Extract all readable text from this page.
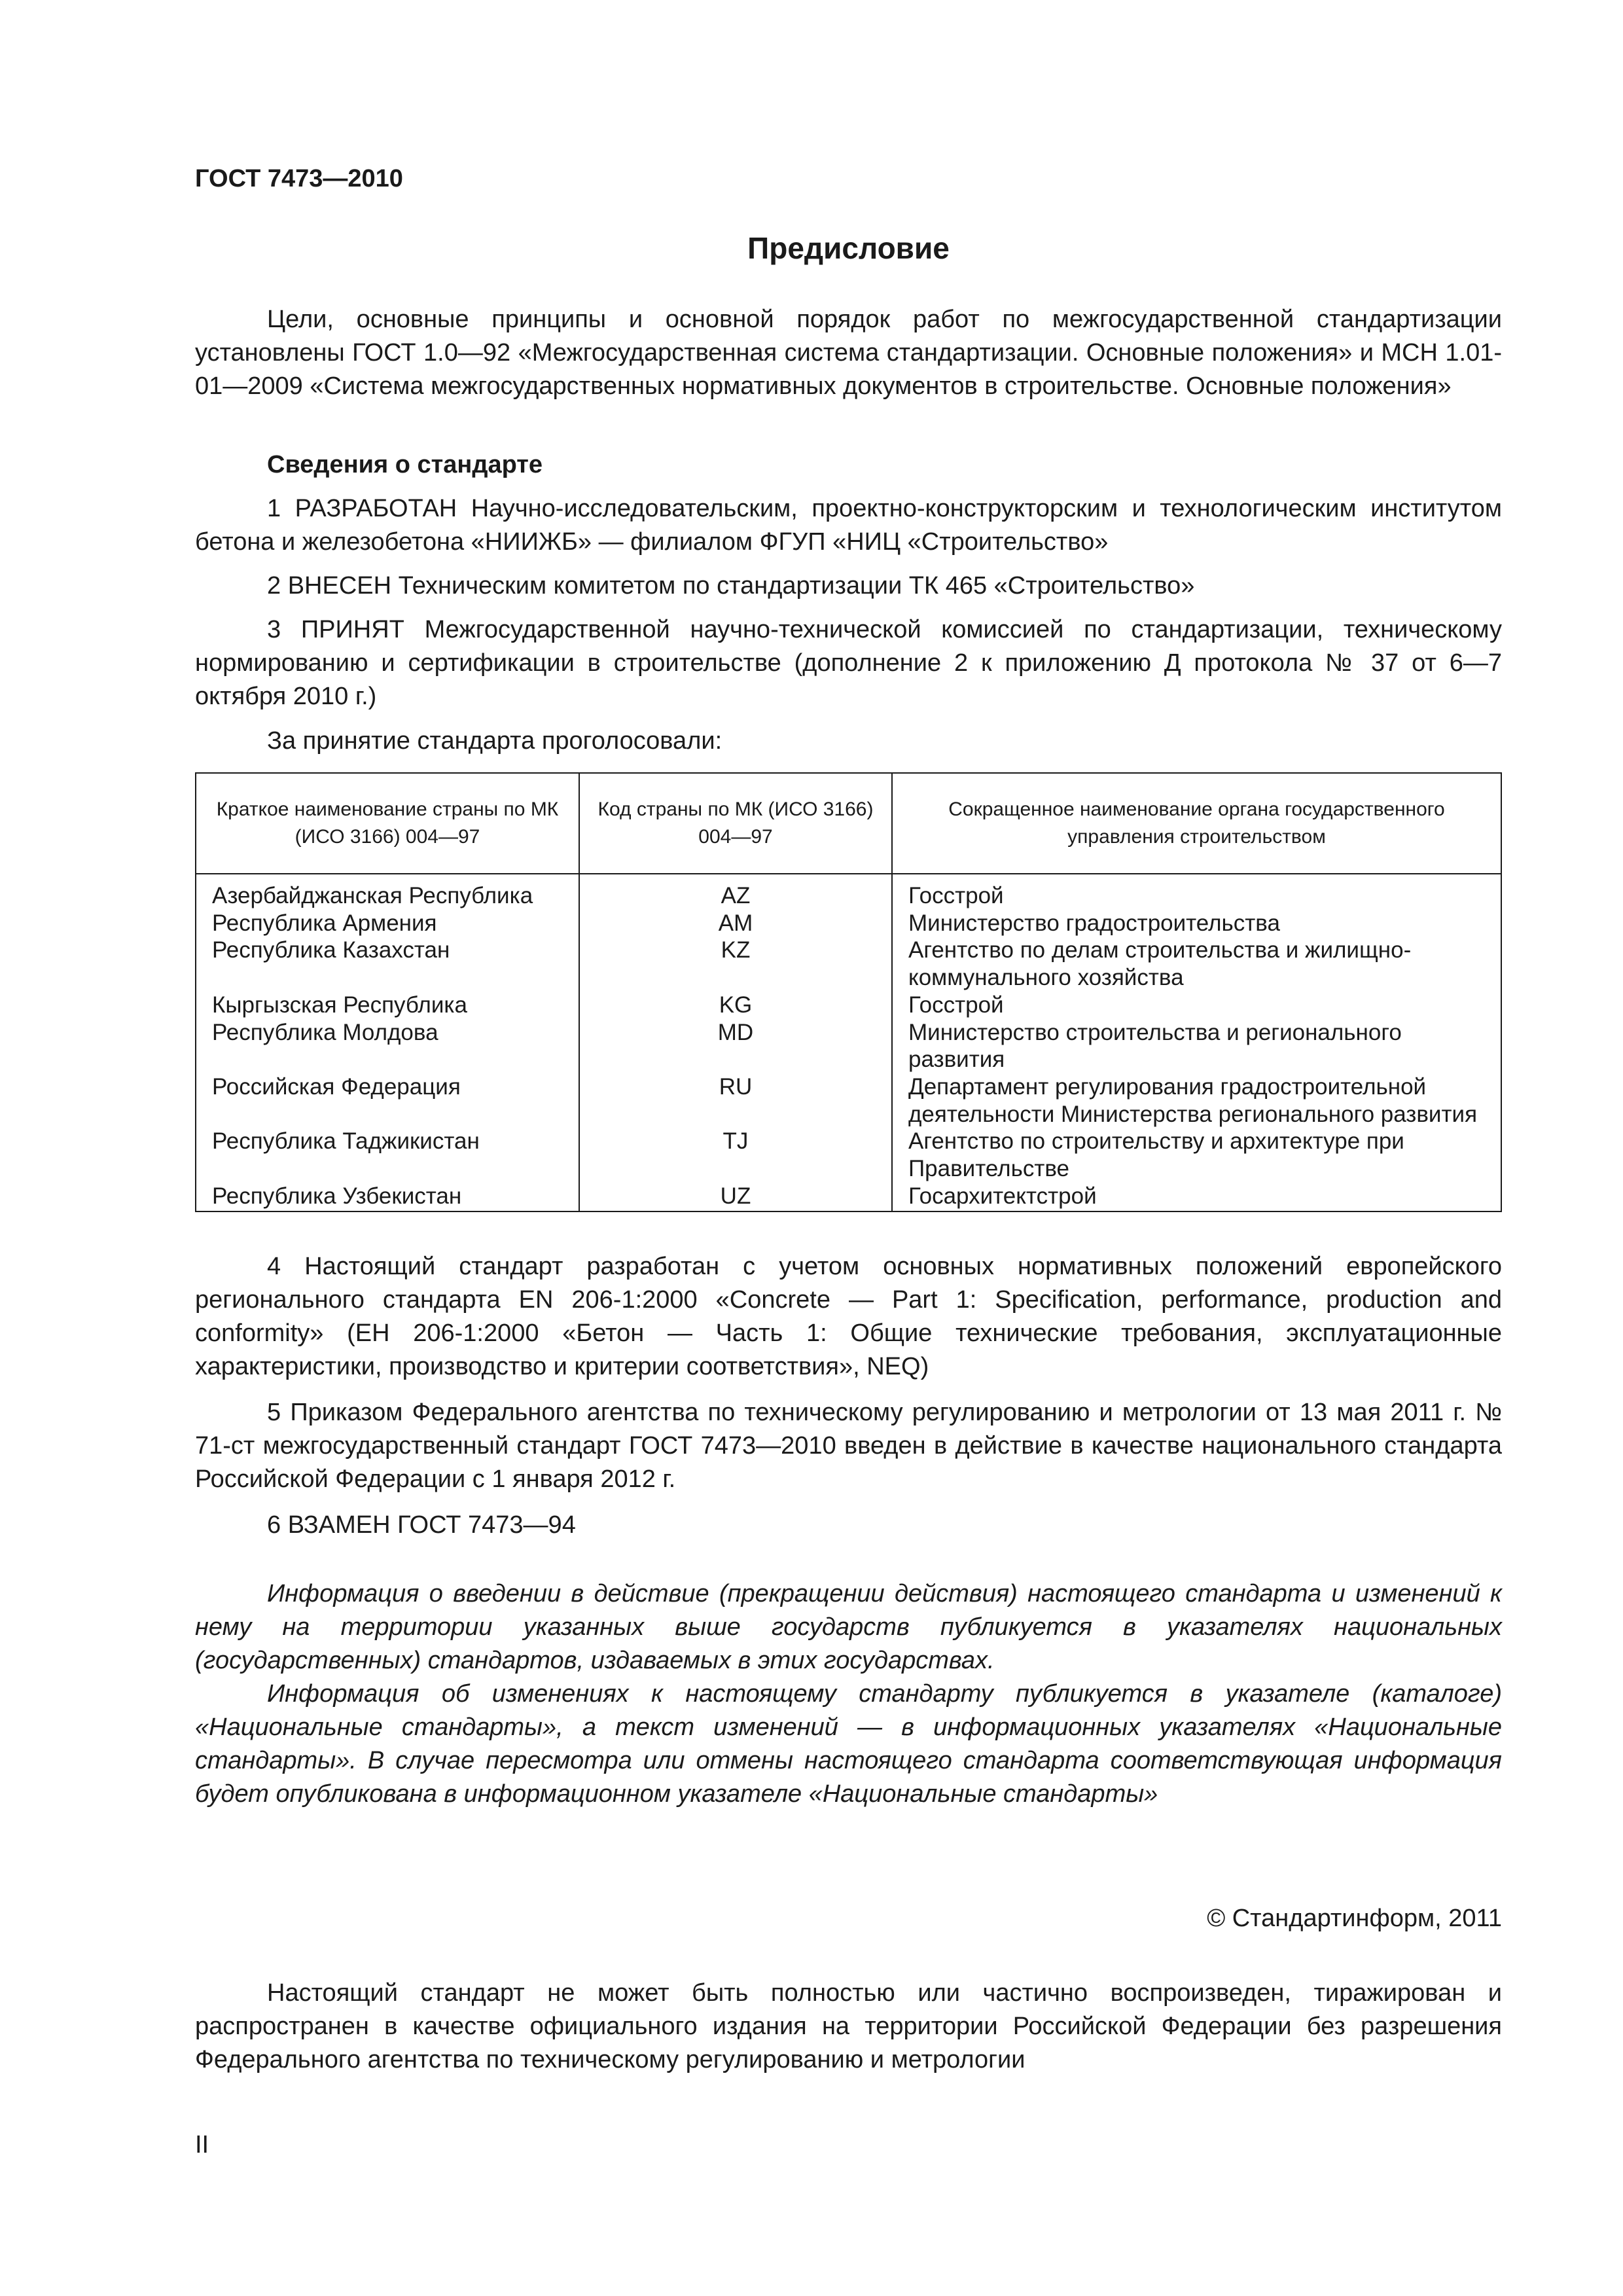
ГОСТ 7473—2010
Предисловие

Цели, основные принципы и основной порядок работ по межгосударственной стандартизации установлены ГОСТ 1.0—92 «Межгосударственная система стандартизации. Основные положения» и МСН 1.01-01—2009 «Система межгосударственных нормативных документов в строительстве. Основные положения»

Сведения о стандарте

1 РАЗРАБОТАН Научно-исследовательским, проектно-конструкторским и технологическим институтом бетона и железобетона «НИИЖБ» — филиалом ФГУП «НИЦ «Строительство»

2 ВНЕСЕН Техническим комитетом по стандартизации ТК 465 «Строительство»

3 ПРИНЯТ Межгосударственной научно-технической комиссией по стандартизации, техническому нормированию и сертификации в строительстве (дополнение 2 к приложению Д протокола № 37 от 6—7 октября 2010 г.)

За принятие стандарта проголосовали:

Краткое наименование страны по МК (ИСО 3166) 004—97	Код страны по МК (ИСО 3166) 004—97	Сокращенное наименование органа государственного управления строительством
Азербайджанская Республика	AZ	Госстрой
Республика Армения	AM	Министерство градостроительства
Республика Казахстан	KZ	Агентство по делам строительства и жилищно-коммунального хозяйства
Кыргызская Республика	KG	Госстрой
Республика Молдова	MD	Министерство строительства и регионального развития
Российская Федерация	RU	Департамент регулирования градостроительной деятельности Министерства регионального развития
Республика Таджикистан	TJ	Агентство по строительству и архитектуре при Правительстве
Республика Узбекистан	UZ	Госархитектстрой

4 Настоящий стандарт разработан с учетом основных нормативных положений европейского регионального стандарта EN 206-1:2000 «Concrete — Part 1: Specification, performance, production and conformity» (ЕН 206-1:2000 «Бетон — Часть 1: Общие технические требования, эксплуатационные характеристики, производство и критерии соответствия», NEQ)

5 Приказом Федерального агентства по техническому регулированию и метрологии от 13 мая 2011 г. № 71-ст межгосударственный стандарт ГОСТ 7473—2010 введен в действие в качестве национального стандарта Российской Федерации с 1 января 2012 г.

6 ВЗАМЕН ГОСТ 7473—94

Информация о введении в действие (прекращении действия) настоящего стандарта и изменений к нему на территории указанных выше государств публикуется в указателях национальных (государственных) стандартов, издаваемых в этих государствах.

Информация об изменениях к настоящему стандарту публикуется в указателе (каталоге) «Национальные стандарты», а текст изменений — в информационных указателях «Национальные стандарты». В случае пересмотра или отмены настоящего стандарта соответствующая информация будет опубликована в информационном указателе «Национальные стандарты»

© Стандартинформ, 2011

Настоящий стандарт не может быть полностью или частично воспроизведен, тиражирован и распространен в качестве официального издания на территории Российской Федерации без разрешения Федерального агентства по техническому регулированию и метрологии

II
